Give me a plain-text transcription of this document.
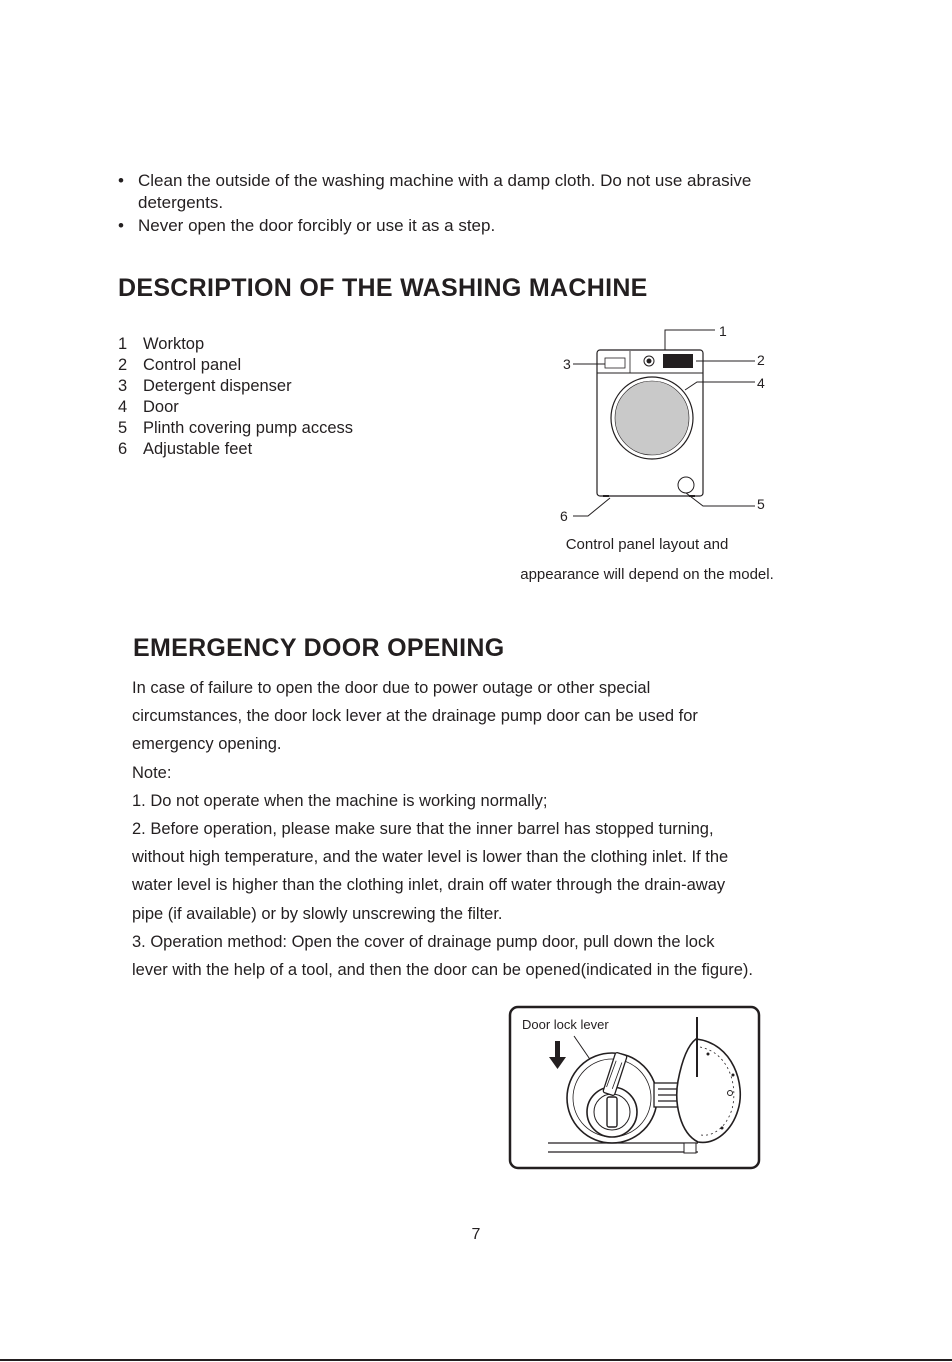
• Clean the outside of the washing machine with a damp cloth. Do not use abrasive detergents.
• Never open the door forcibly or use it as a step.
DESCRIPTION OF THE WASHING MACHINE
1 Worktop
2 Control panel
3 Detergent dispenser
4 Door
5 Plinth covering pump access
6 Adjustable feet
1
2
3
4
5
6
Control panel layout and
appearance will depend on the model.
EMERGENCY DOOR OPENING

In case of failure to open the door due to power outage or other special

circumstances, the door lock lever at the drainage pump door can be used for

emergency opening.

Note:

1. Do not operate when the machine is working normally;

2. Before operation, please make sure that the inner barrel has stopped turning,

without high temperature, and the water level is lower than the clothing inlet. If the

water level is higher than the clothing inlet, drain off water through the drain-away

pipe (if available) or by slowly unscrewing the filter.

3. Operation method: Open the cover of drainage pump door, pull down the lock

lever with the help of a tool, and then the door can be opened(indicated in the figure).

Door lock lever
7
